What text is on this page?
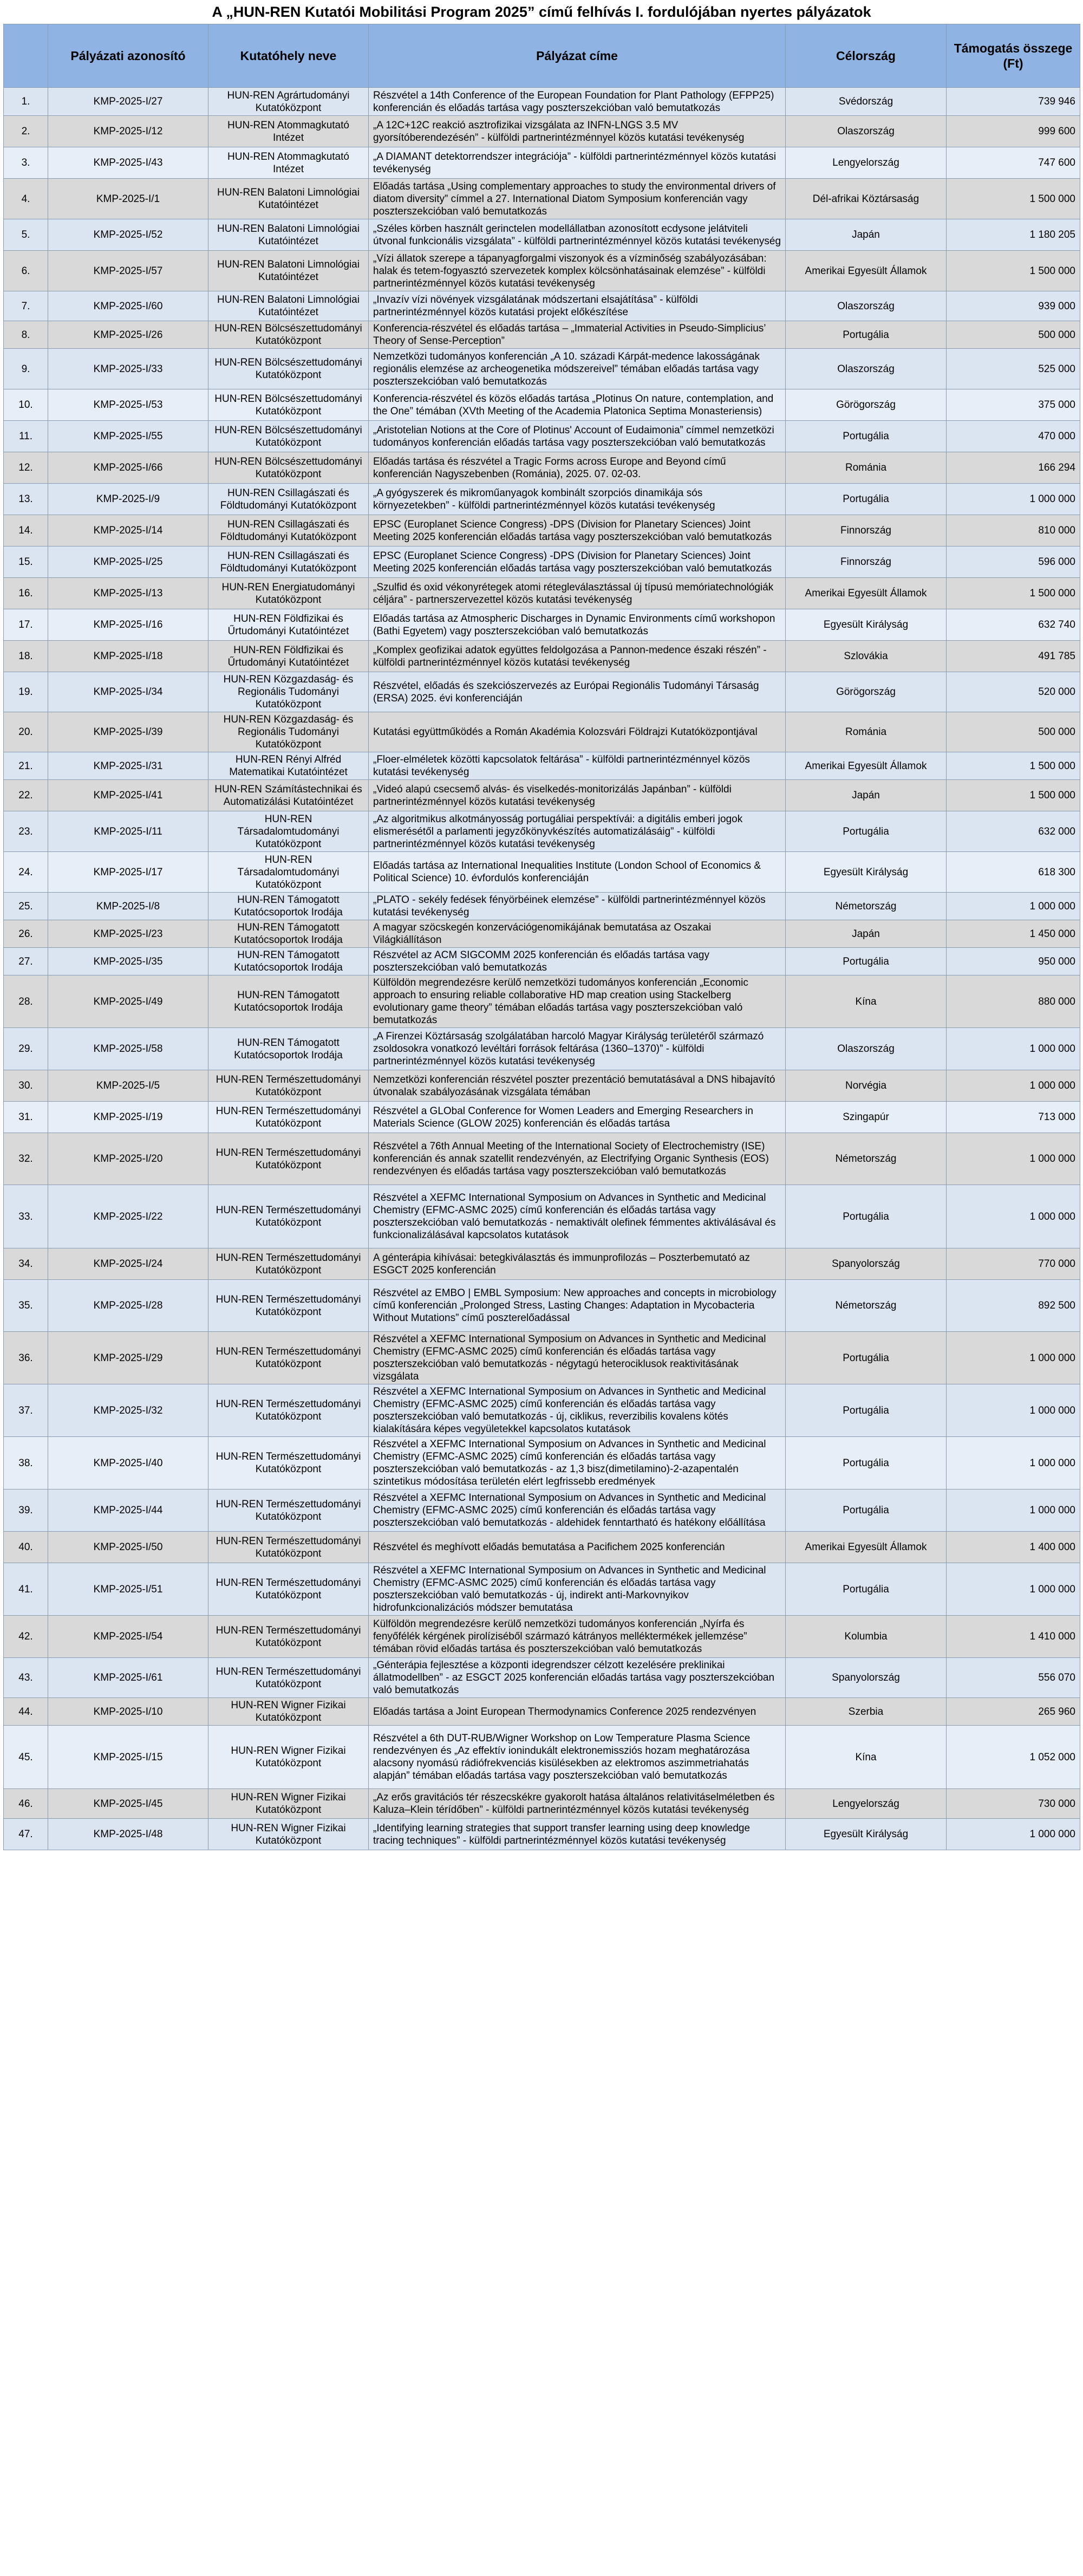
A „HUN-REN Kutatói Mobilitási Program 2025” című felhívás I. fordulójában nyertes pályázatok
	Pályázati azonosító	Kutatóhely neve	Pályázat címe	Célország	Támogatás összege (Ft)
1.	KMP-2025-I/27	HUN-REN Agrártudományi Kutatóközpont	Részvétel a 14th Conference of the European Foundation for Plant Pathology (EFPP25) konferencián és előadás tartása vagy poszterszekcióban való bemutatkozás	Svédország	739 946
2.	KMP-2025-I/12	HUN-REN Atommagkutató Intézet	„A 12C+12C reakció asztrofizikai vizsgálata az INFN-LNGS 3.5 MV gyorsítóberendezésén” - külföldi partnerintézménnyel közös kutatási tevékenység	Olaszország	999 600
3.	KMP-2025-I/43	HUN-REN Atommagkutató Intézet	„A DIAMANT detektorrendszer integrációja” - külföldi partnerintézménnyel közös kutatási tevékenység	Lengyelország	747 600
4.	KMP-2025-I/1	HUN-REN Balatoni Limnológiai Kutatóintézet	Előadás tartása „Using complementary approaches to study the environmental drivers of diatom diversity” címmel a 27. International Diatom Symposium konferencián vagy poszterszekcióban való bemutatkozás	Dél-afrikai Köztársaság	1 500 000
5.	KMP-2025-I/52	HUN-REN Balatoni Limnológiai Kutatóintézet	„Széles körben használt gerinctelen modellállatban azonosított ecdysone jelátviteli útvonal funkcionális vizsgálata” - külföldi partnerintézménnyel közös kutatási tevékenység	Japán	1 180 205
6.	KMP-2025-I/57	HUN-REN Balatoni Limnológiai Kutatóintézet	„Vízi állatok szerepe a tápanyagforgalmi viszonyok és a vízminőség szabályozásában: halak és tetem-fogyasztó szervezetek komplex kölcsönhatásainak elemzése” - külföldi partnerintézménnyel közös kutatási tevékenység	Amerikai Egyesült Államok	1 500 000
7.	KMP-2025-I/60	HUN-REN Balatoni Limnológiai Kutatóintézet	„Invazív vízi növények vizsgálatának módszertani elsajátítása” - külföldi partnerintézménnyel közös kutatási projekt előkészítése	Olaszország	939 000
8.	KMP-2025-I/26	HUN-REN Bölcsészettudományi Kutatóközpont	Konferencia-részvétel és előadás tartása – „Immaterial Activities in Pseudo-Simplicius’ Theory of Sense-Perception”	Portugália	500 000
9.	KMP-2025-I/33	HUN-REN Bölcsészettudományi Kutatóközpont	Nemzetközi tudományos konferencián „A 10. századi Kárpát-medence lakosságának regionális elemzése az archeogenetika módszereivel” témában előadás tartása vagy poszterszekcióban való bemutatkozás	Olaszország	525 000
10.	KMP-2025-I/53	HUN-REN Bölcsészettudományi Kutatóközpont	Konferencia-részvétel és közös előadás tartása „Plotinus On nature, contemplation, and the One” témában (XVth Meeting of the Academia Platonica Septima Monasteriensis)	Görögország	375 000
11.	KMP-2025-I/55	HUN-REN Bölcsészettudományi Kutatóközpont	„Aristotelian Notions at the Core of Plotinus' Account of Eudaimonia” címmel nemzetközi tudományos konferencián előadás tartása vagy poszterszekcióban való bemutatkozás	Portugália	470 000
12.	KMP-2025-I/66	HUN-REN Bölcsészettudományi Kutatóközpont	Előadás tartása és részvétel a Tragic Forms across Europe and Beyond című konferencián Nagyszebenben (Románia), 2025. 07. 02-03.	Románia	166 294
13.	KMP-2025-I/9	HUN-REN Csillagászati és Földtudományi Kutatóközpont	„A gyógyszerek és mikroműanyagok kombinált szorpciós dinamikája sós környezetekben” - külföldi partnerintézménnyel közös kutatási tevékenység	Portugália	1 000 000
14.	KMP-2025-I/14	HUN-REN Csillagászati és Földtudományi Kutatóközpont	EPSC (Europlanet Science Congress) -DPS (Division for Planetary Sciences) Joint Meeting 2025 konferencián előadás tartása vagy poszterszekcióban való bemutatkozás	Finnország	810 000
15.	KMP-2025-I/25	HUN-REN Csillagászati és Földtudományi Kutatóközpont	EPSC (Europlanet Science Congress) -DPS (Division for Planetary Sciences) Joint Meeting 2025 konferencián előadás tartása vagy poszterszekcióban való bemutatkozás	Finnország	596 000
16.	KMP-2025-I/13	HUN-REN Energiatudományi Kutatóközpont	„Szulfid és oxid vékonyrétegek atomi rétegleválasztással új típusú memóriatechnológiák céljára” - partnerszervezettel közös kutatási tevékenység	Amerikai Egyesült Államok	1 500 000
17.	KMP-2025-I/16	HUN-REN Földfizikai és Űrtudományi Kutatóintézet	Előadás tartása az Atmospheric Discharges in Dynamic Environments című workshopon (Bathi Egyetem) vagy poszterszekcióban való bemutatkozás	Egyesült Királyság	632 740
18.	KMP-2025-I/18	HUN-REN Földfizikai és Űrtudományi Kutatóintézet	„Komplex geofizikai adatok együttes feldolgozása a Pannon-medence északi részén” - külföldi partnerintézménnyel közös kutatási tevékenység	Szlovákia	491 785
19.	KMP-2025-I/34	HUN-REN Közgazdaság- és Regionális Tudományi Kutatóközpont	Részvétel, előadás és szekciószervezés az Európai Regionális Tudományi Társaság (ERSA) 2025. évi konferenciáján	Görögország	520 000
20.	KMP-2025-I/39	HUN-REN Közgazdaság- és Regionális Tudományi Kutatóközpont	Kutatási együttműködés a Román Akadémia Kolozsvári Földrajzi Kutatóközpontjával	Románia	500 000
21.	KMP-2025-I/31	HUN-REN Rényi Alfréd Matematikai Kutatóintézet	„Floer-elméletek közötti kapcsolatok feltárása” - külföldi partnerintézménnyel közös kutatási tevékenység	Amerikai Egyesült Államok	1 500 000
22.	KMP-2025-I/41	HUN-REN Számítástechnikai és Automatizálási Kutatóintézet	„Videó alapú csecsemő alvás- és viselkedés-monitorizálás Japánban” - külföldi partnerintézménnyel közös kutatási tevékenység	Japán	1 500 000
23.	KMP-2025-I/11	HUN-REN Társadalomtudományi Kutatóközpont	„Az algoritmikus alkotmányosság portugáliai perspektívái: a digitális emberi jogok elismerésétől a parlamenti jegyzőkönyvkészítés automatizálásáig” - külföldi partnerintézménnyel közös kutatási tevékenység	Portugália	632 000
24.	KMP-2025-I/17	HUN-REN Társadalomtudományi Kutatóközpont	Előadás tartása az International Inequalities Institute (London School of Economics & Political Science) 10. évfordulós konferenciáján	Egyesült Királyság	618 300
25.	KMP-2025-I/8	HUN-REN Támogatott Kutatócsoportok Irodája	„PLATO - sekély fedések fényörbéinek elemzése” - külföldi partnerintézménnyel közös kutatási tevékenység	Németország	1 000 000
26.	KMP-2025-I/23	HUN-REN Támogatott Kutatócsoportok Irodája	A magyar szöcskegén konzervációgenomikájának bemutatása az Oszakai Világkiállításon	Japán	1 450 000
27.	KMP-2025-I/35	HUN-REN Támogatott Kutatócsoportok Irodája	Részvétel az ACM SIGCOMM 2025 konferencián és előadás tartása vagy poszterszekcióban való bemutatkozás	Portugália	950 000
28.	KMP-2025-I/49	HUN-REN Támogatott Kutatócsoportok Irodája	Külföldön megrendezésre kerülő nemzetközi tudományos konferencián „Economic approach to ensuring reliable collaborative HD map creation using Stackelberg evolutionary game theory” témában előadás tartása vagy poszterszekcióban való bemutatkozás	Kína	880 000
29.	KMP-2025-I/58	HUN-REN Támogatott Kutatócsoportok Irodája	„A Firenzei Köztársaság szolgálatában harcoló Magyar Királyság területéről származó zsoldosokra vonatkozó levéltári források feltárása (1360–1370)” - külföldi partnerintézménnyel közös kutatási tevékenység	Olaszország	1 000 000
30.	KMP-2025-I/5	HUN-REN Természettudományi Kutatóközpont	Nemzetközi konferencián részvétel poszter prezentáció bemutatásával a DNS hibajavító útvonalak szabályozásának vizsgálata témában	Norvégia	1 000 000
31.	KMP-2025-I/19	HUN-REN Természettudományi Kutatóközpont	Részvétel a GLObal Conference for Women Leaders and Emerging Researchers in Materials Science (GLOW 2025) konferencián és előadás tartása	Szingapúr	713 000
32.	KMP-2025-I/20	HUN-REN Természettudományi Kutatóközpont	Részvétel a 76th Annual Meeting of the International Society of Electrochemistry (ISE) konferencián és annak szatellit rendezvényén, az Electrifying Organic Synthesis (EOS) rendezvényen és előadás tartása vagy poszterszekcióban való bemutatkozás	Németország	1 000 000
33.	KMP-2025-I/22	HUN-REN Természettudományi Kutatóközpont	Részvétel a XEFMC International Symposium on Advances in Synthetic and Medicinal Chemistry (EFMC-ASMC 2025) című konferencián és előadás tartása vagy poszterszekcióban való bemutatkozás - nemaktivált olefinek fémmentes aktiválásával és funkcionalizálásával kapcsolatos kutatások	Portugália	1 000 000
34.	KMP-2025-I/24	HUN-REN Természettudományi Kutatóközpont	A génterápia kihívásai: betegkiválasztás és immunprofilozás – Poszterbemutató az ESGCT 2025 konferencián	Spanyolország	770 000
35.	KMP-2025-I/28	HUN-REN Természettudományi Kutatóközpont	Részvétel az EMBO | EMBL Symposium: New approaches and concepts in microbiology című konferencián „Prolonged Stress, Lasting Changes: Adaptation in Mycobacteria Without Mutations” című poszterelőadással	Németország	892 500
36.	KMP-2025-I/29	HUN-REN Természettudományi Kutatóközpont	Részvétel a XEFMC International Symposium on Advances in Synthetic and Medicinal Chemistry (EFMC-ASMC 2025) című konferencián és előadás tartása vagy poszterszekcióban való bemutatkozás - négytagú heterociklusok reaktivitásának vizsgálata	Portugália	1 000 000
37.	KMP-2025-I/32	HUN-REN Természettudományi Kutatóközpont	Részvétel a XEFMC International Symposium on Advances in Synthetic and Medicinal Chemistry (EFMC-ASMC 2025) című konferencián és előadás tartása vagy poszterszekcióban való bemutatkozás - új, ciklikus, reverzibilis kovalens kötés kialakítására képes vegyületekkel kapcsolatos kutatások	Portugália	1 000 000
38.	KMP-2025-I/40	HUN-REN Természettudományi Kutatóközpont	Részvétel a XEFMC International Symposium on Advances in Synthetic and Medicinal Chemistry (EFMC-ASMC 2025) című konferencián és előadás tartása vagy poszterszekcióban való bemutatkozás - az 1,3 bisz(dimetilamino)-2-azapentalén szintetikus módosítása területén elért legfrissebb eredmények	Portugália	1 000 000
39.	KMP-2025-I/44	HUN-REN Természettudományi Kutatóközpont	Részvétel a XEFMC International Symposium on Advances in Synthetic and Medicinal Chemistry (EFMC-ASMC 2025) című konferencián és előadás tartása vagy poszterszekcióban való bemutatkozás - aldehidek fenntartható és hatékony előállítása	Portugália	1 000 000
40.	KMP-2025-I/50	HUN-REN Természettudományi Kutatóközpont	Részvétel és meghívott előadás bemutatása a Pacifichem 2025 konferencián	Amerikai Egyesült Államok	1 400 000
41.	KMP-2025-I/51	HUN-REN Természettudományi Kutatóközpont	Részvétel a XEFMC International Symposium on Advances in Synthetic and Medicinal Chemistry (EFMC-ASMC 2025) című konferencián és előadás tartása vagy poszterszekcióban való bemutatkozás - új, indirekt anti-Markovnyikov hidrofunkcionalizációs módszer bemutatása	Portugália	1 000 000
42.	KMP-2025-I/54	HUN-REN Természettudományi Kutatóközpont	Külföldön megrendezésre kerülő nemzetközi tudományos konferencián „Nyírfa és fenyőfélék kérgének pirolíziséből származó kátrányos melléktermékek jellemzése” témában rövid előadás tartása és poszterszekcióban való bemutatkozás	Kolumbia	1 410 000
43.	KMP-2025-I/61	HUN-REN Természettudományi Kutatóközpont	„Génterápia fejlesztése a központi idegrendszer célzott kezelésére preklinikai állatmodellben” - az ESGCT 2025 konferencián előadás tartása vagy poszterszekcióban való bemutatkozás	Spanyolország	556 070
44.	KMP-2025-I/10	HUN-REN Wigner Fizikai Kutatóközpont	Előadás tartása a Joint European Thermodynamics Conference 2025 rendezvényen	Szerbia	265 960
45.	KMP-2025-I/15	HUN-REN Wigner Fizikai Kutatóközpont	Részvétel a 6th DUT-RUB/Wigner Workshop on Low Temperature Plasma Science rendezvényen és „Az effektív ionindukált elektronemissziós hozam meghatározása alacsony nyomású rádiófrekvenciás kisülésekben az elektromos aszimmetriahatás alapján” témában előadás tartása vagy poszterszekcióban való bemutatkozás	Kína	1 052 000
46.	KMP-2025-I/45	HUN-REN Wigner Fizikai Kutatóközpont	„Az erős gravitációs tér részecskékre gyakorolt hatása általános relativitáselméletben és Kaluza–Klein térídőben” - külföldi partnerintézménnyel közös kutatási tevékenység	Lengyelország	730 000
47.	KMP-2025-I/48	HUN-REN Wigner Fizikai Kutatóközpont	„Identifying learning strategies that support transfer learning using deep knowledge tracing techniques” - külföldi partnerintézménnyel közös kutatási tevékenység	Egyesült Királyság	1 000 000
